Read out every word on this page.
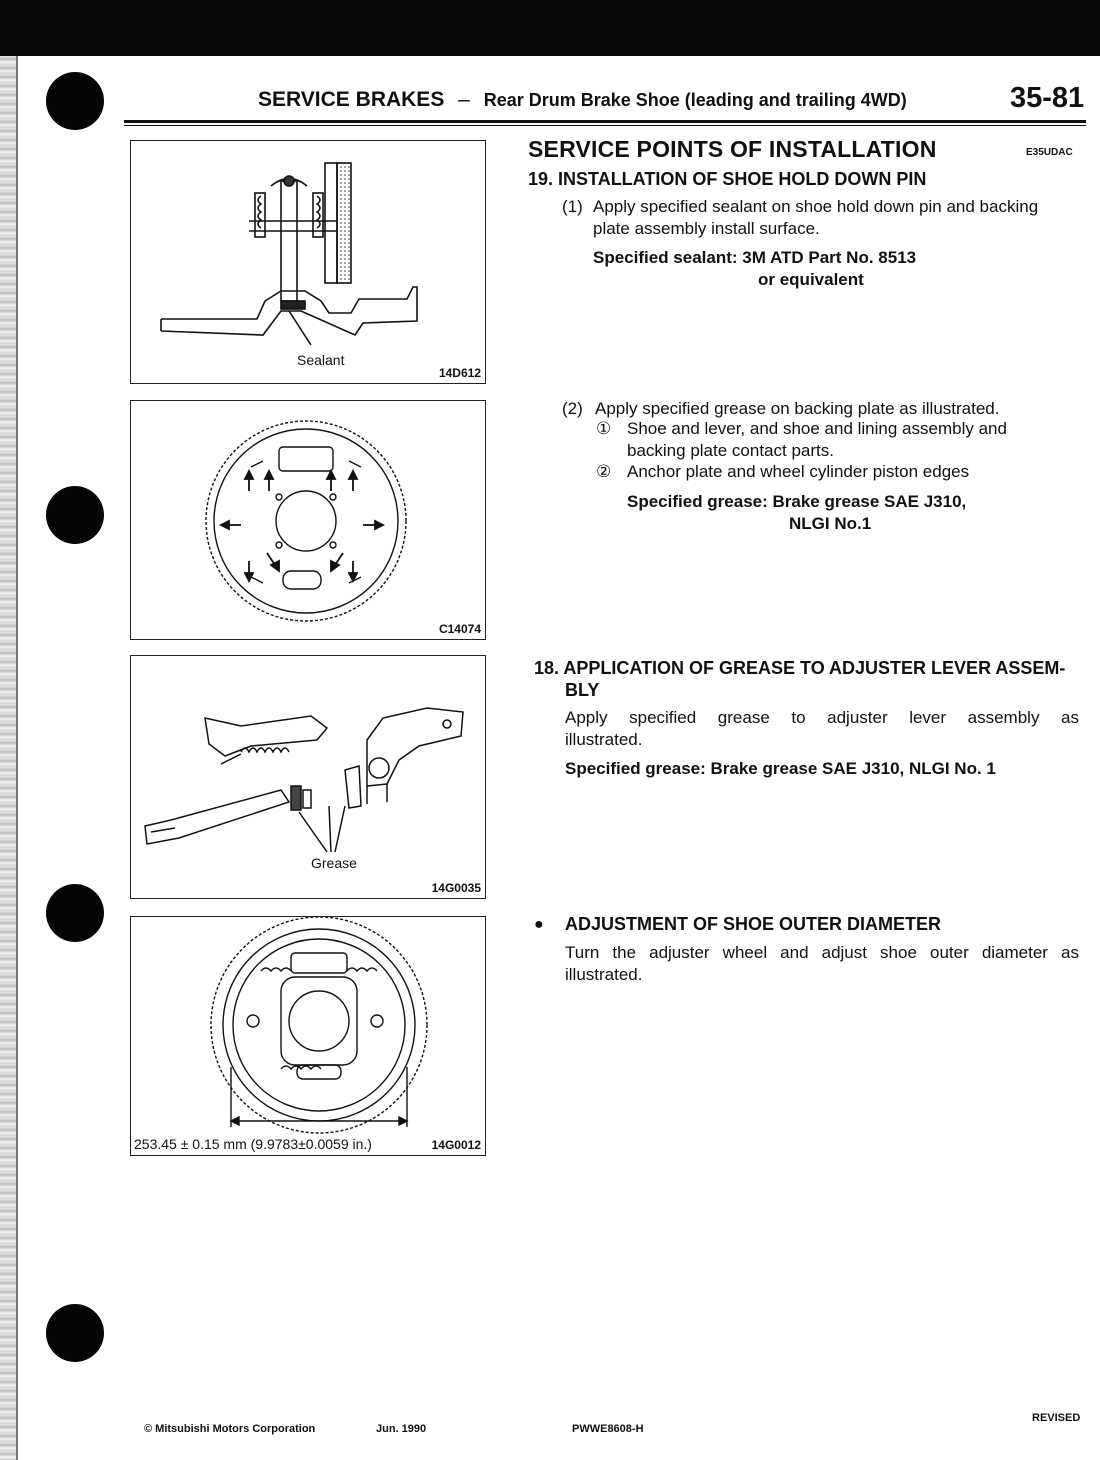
SERVICE BRAKES – Rear Drum Brake Shoe (leading and trailing 4WD)	35-81
Sealant
14D612
C14074
Grease
14G0035
253.45 ± 0.15 mm (9.9783±0.0059 in.)	14G0012
SERVICE POINTS OF INSTALLATION	E35UDAC
19. INSTALLATION OF SHOE HOLD DOWN PIN
(1) Apply specified sealant on shoe hold down pin and backing
plate assembly install surface.
Specified sealant: 3M ATD Part No. 8513
or equivalent
(2) Apply specified grease on backing plate as illustrated.
① Shoe and lever, and shoe and lining assembly and
backing plate contact parts.
② Anchor plate and wheel cylinder piston edges
Specified grease: Brake grease SAE J310,
NLGI No.1
18. APPLICATION OF GREASE TO ADJUSTER LEVER ASSEM-
BLY
Apply specified grease to adjuster lever assembly as
illustrated.
Specified grease: Brake grease SAE J310, NLGI No. 1
● ADJUSTMENT OF SHOE OUTER DIAMETER
Turn the adjuster wheel and adjust shoe outer diameter as
illustrated.
© Mitsubishi Motors Corporation	Jun. 1990	PWWE8608-H
REVISED
